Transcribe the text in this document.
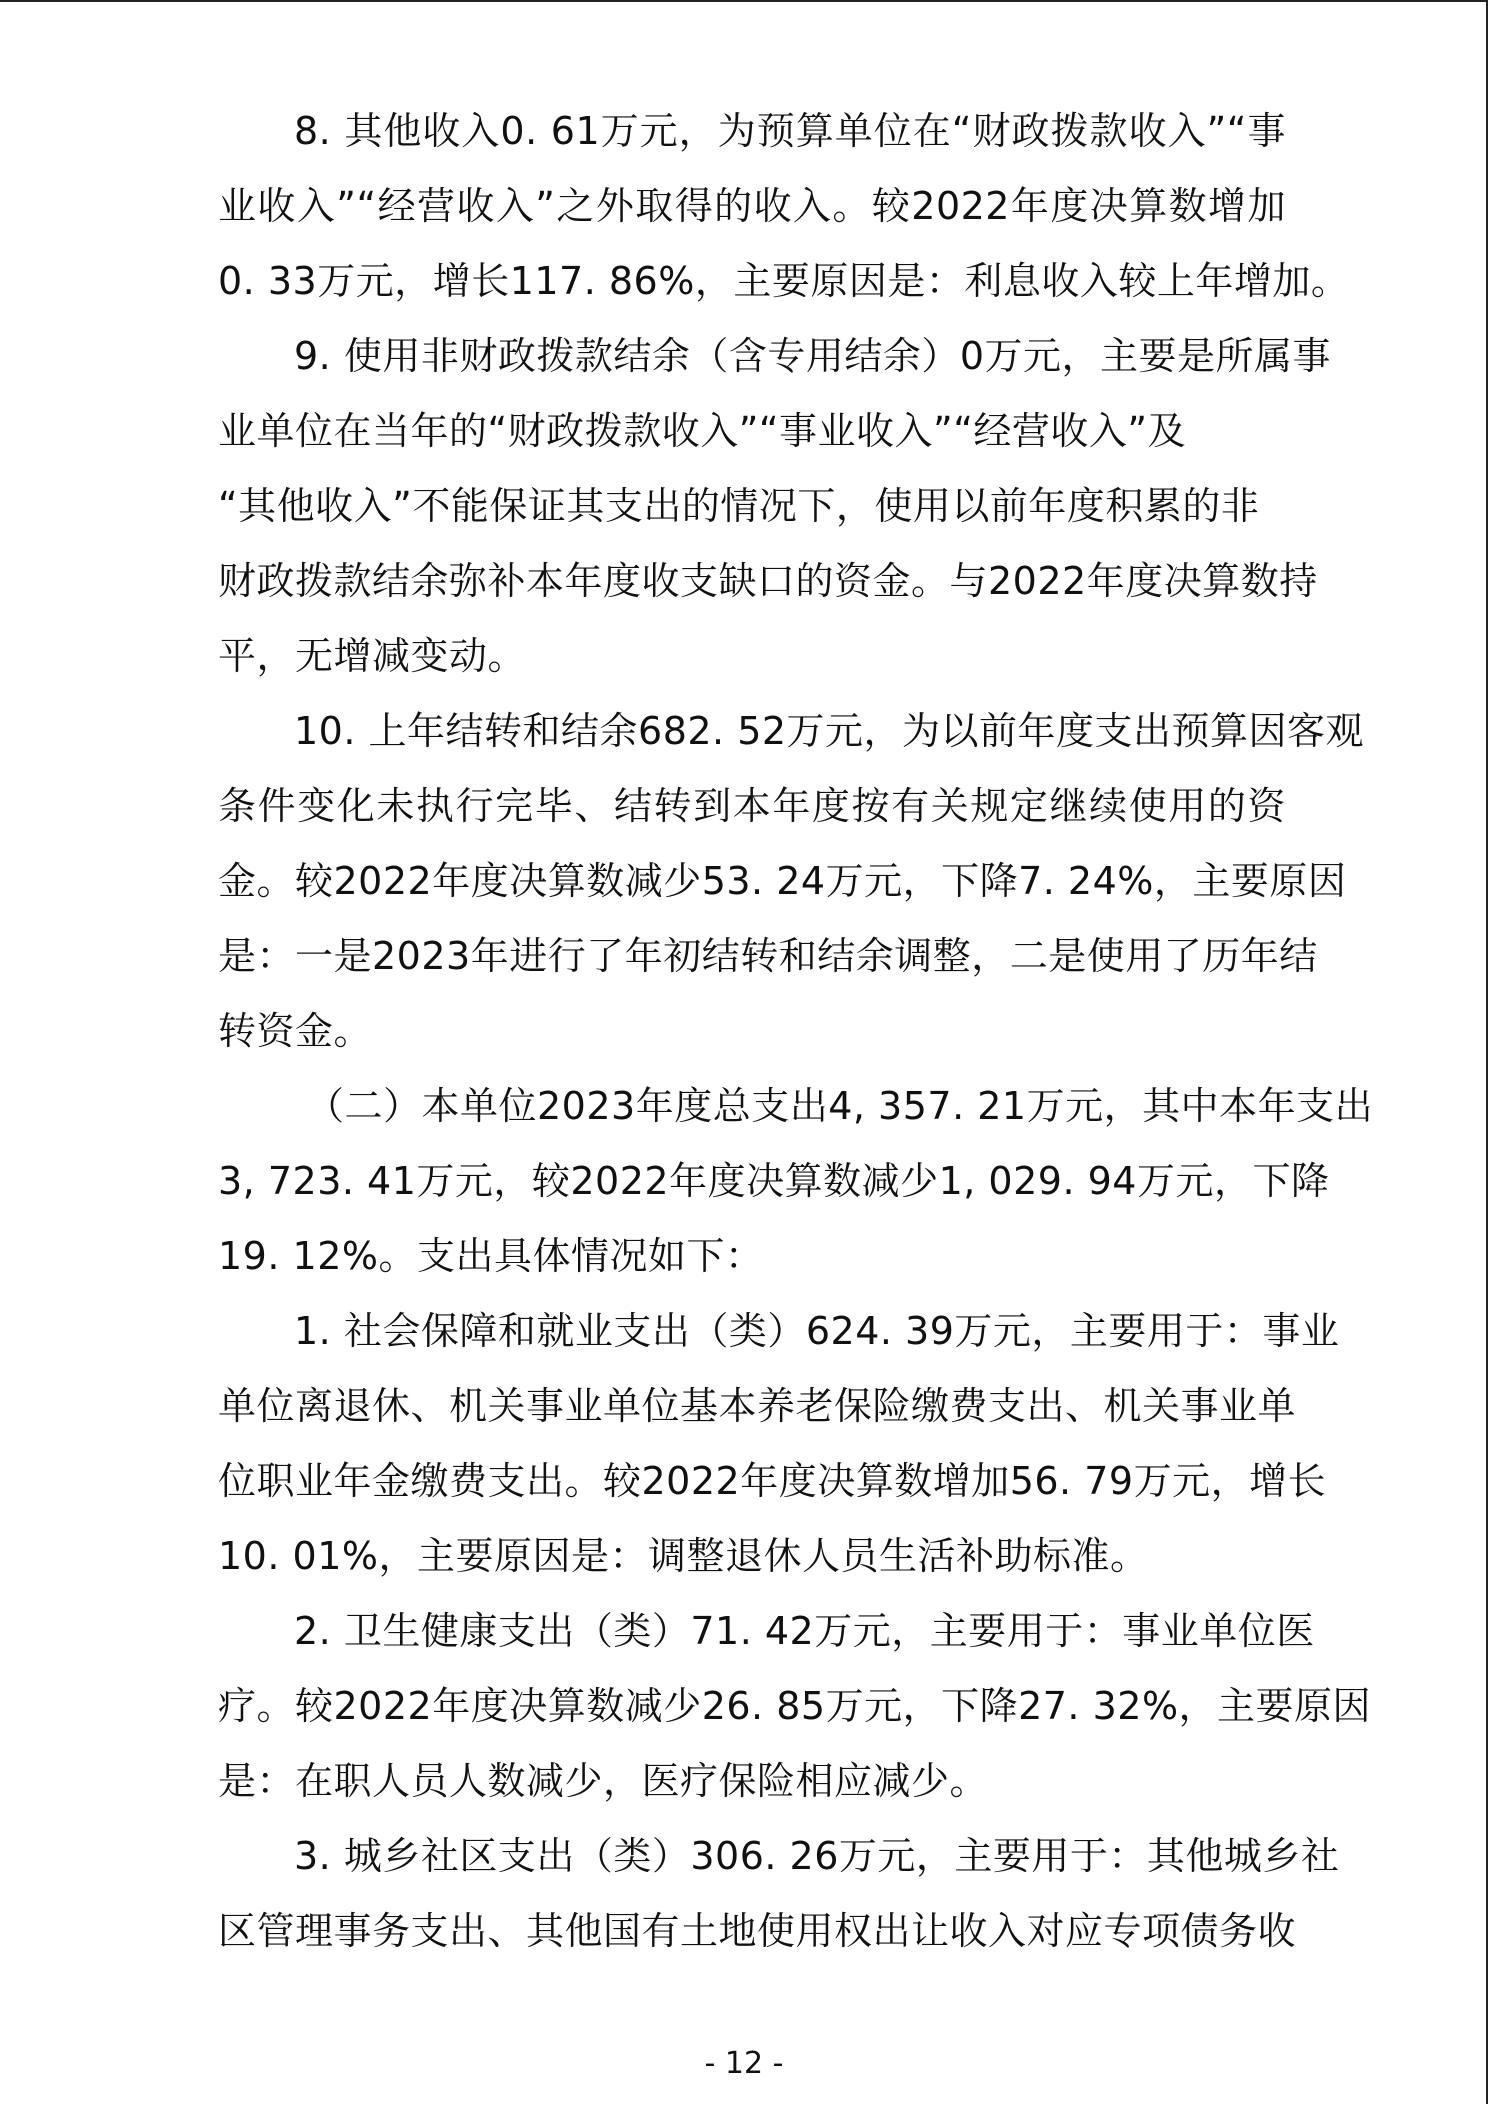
8. 其他收入0. 61万元，为预算单位在“财政拨款收入”“事
业收入”“经营收入”之外取得的收入。较2022年度决算数增加
0. 33万元，增长117. 86%，主要原因是：利息收入较上年增加。

9. 使用非财政拨款结余（含专用结余）0万元，主要是所属事
业单位在当年的“财政拨款收入”“事业收入”“经营收入”及
“其他收入”不能保证其支出的情况下，使用以前年度积累的非
财政拨款结余弥补本年度收支缺口的资金。与2022年度决算数持
平，无增减变动。

10. 上年结转和结余682. 52万元，为以前年度支出预算因客观
条件变化未执行完毕、结转到本年度按有关规定继续使用的资
金。较2022年度决算数减少53. 24万元，下降7. 24%，主要原因
是：一是2023年进行了年初结转和结余调整，二是使用了历年结
转资金。

（二）本单位2023年度总支出4, 357. 21万元，其中本年支出
3, 723. 41万元，较2022年度决算数减少1, 029. 94万元，下降
19. 12%。支出具体情况如下：

1. 社会保障和就业支出（类）624. 39万元，主要用于：事业
单位离退休、机关事业单位基本养老保险缴费支出、机关事业单
位职业年金缴费支出。较2022年度决算数增加56. 79万元，增长
10. 01%，主要原因是：调整退休人员生活补助标准。

2. 卫生健康支出（类）71. 42万元，主要用于：事业单位医
疗。较2022年度决算数减少26. 85万元，下降27. 32%，主要原因
是：在职人员人数减少，医疗保险相应减少。

3. 城乡社区支出（类）306. 26万元，主要用于：其他城乡社
区管理事务支出、其他国有土地使用权出让收入对应专项债务收

- 12 -
